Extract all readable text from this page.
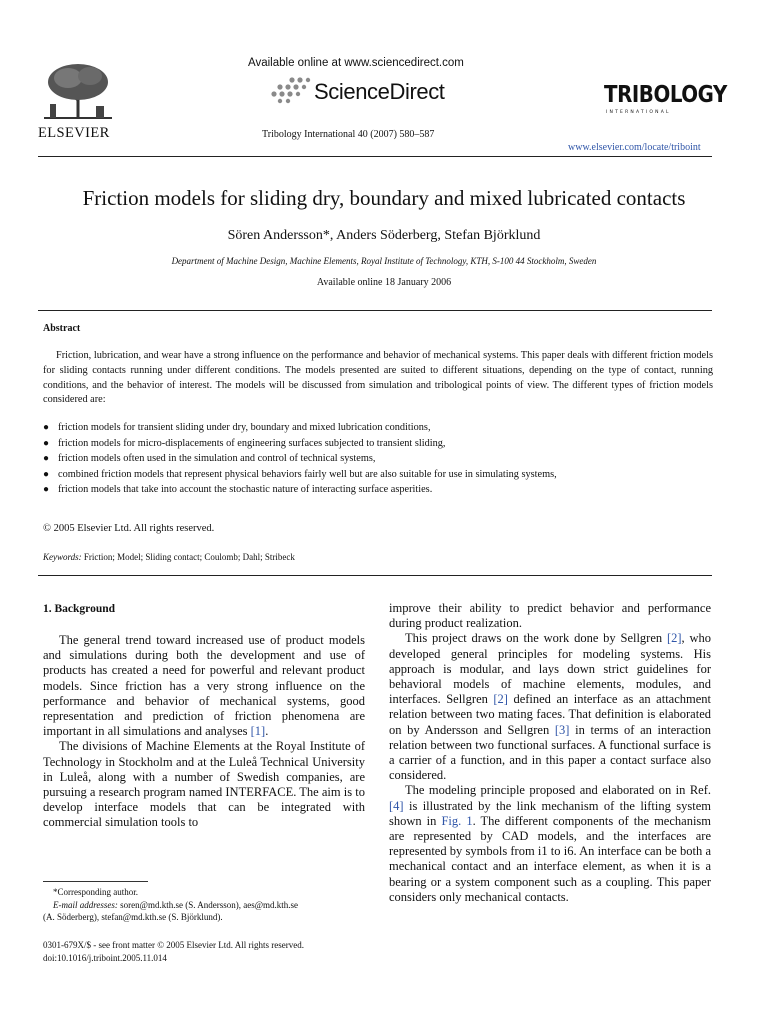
ELSEVIER
Available online at www.sciencedirect.com
ScienceDirect
Tribology International 40 (2007) 580–587
TRIBOLOGY
INTERNATIONAL
www.elsevier.com/locate/triboint
Friction models for sliding dry, boundary and mixed lubricated contacts
Sören Andersson*, Anders Söderberg, Stefan Björklund
Department of Machine Design, Machine Elements, Royal Institute of Technology, KTH, S-100 44 Stockholm, Sweden
Available online 18 January 2006
Abstract

Friction, lubrication, and wear have a strong influence on the performance and behavior of mechanical systems. This paper deals with different friction models for sliding contacts running under different conditions. The models presented are suited to different situations, depending on the type of contact, running conditions, and the behavior of interest. The models will be discussed from simulation and tribological points of view. The different types of friction models considered are:

● friction models for transient sliding under dry, boundary and mixed lubrication conditions,
● friction models for micro-displacements of engineering surfaces subjected to transient sliding,
● friction models often used in the simulation and control of technical systems,
● combined friction models that represent physical behaviors fairly well but are also suitable for use in simulating systems,
● friction models that take into account the stochastic nature of interacting surface asperities.
© 2005 Elsevier Ltd. All rights reserved.
Keywords: Friction; Model; Sliding contact; Coulomb; Dahl; Stribeck
1. Background

The general trend toward increased use of product models and simulations during both the development and use of products has created a need for powerful and relevant product models. Since friction has a very strong influence on the performance and behavior of mechanical systems, good representation and prediction of friction phenomena are important in all simulations and analyses [1].

The divisions of Machine Elements at the Royal Institute of Technology in Stockholm and at the Luleå Technical University in Luleå, along with a number of Swedish companies, are pursuing a research program named INTERFACE. The aim is to develop interface models that can be integrated with commercial simulation tools to

improve their ability to predict behavior and performance during product realization.

This project draws on the work done by Sellgren [2], who developed general principles for modeling systems. His approach is modular, and lays down strict guidelines for behavioral models of machine elements, modules, and interfaces. Sellgren [2] defined an interface as an attachment relation between two mating faces. That definition is elaborated on by Andersson and Sellgren [3] in terms of an interaction relation between two functional surfaces. A functional surface is a carrier of a function, and in this paper a contact surface also considered.

The modeling principle proposed and elaborated on in Ref. [4] is illustrated by the link mechanism of the lifting system shown in Fig. 1. The different components of the mechanism are represented by CAD models, and the interfaces are represented by symbols from i1 to i6. An interface can be both a mechanical contact and an interface element, as when it is a bearing or a system component such as a coupling. This paper considers only mechanical contacts.

*Corresponding author.

E-mail addresses: soren@md.kth.se (S. Andersson), aes@md.kth.se

(A. Söderberg), stefan@md.kth.se (S. Björklund).

0301-679X/$ - see front matter © 2005 Elsevier Ltd. All rights reserved.
doi:10.1016/j.triboint.2005.11.014
